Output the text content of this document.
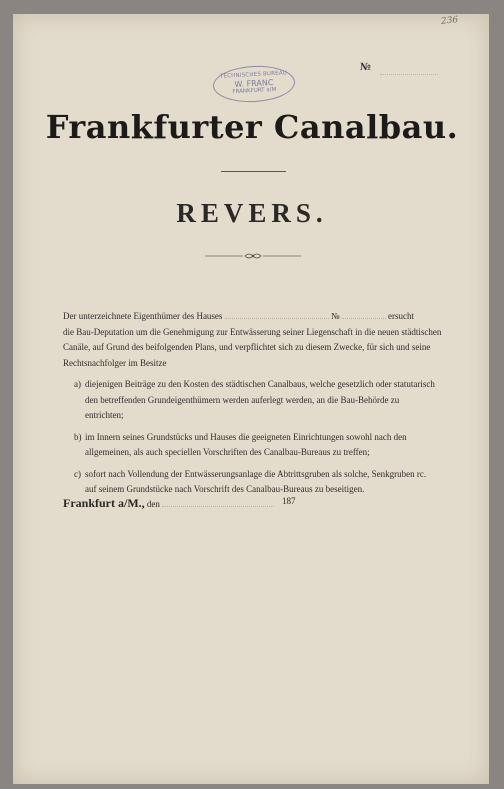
236
TECHNISCHES BUREAU
W. FRANC
FRANKFURT a/M
№
Frankfurter Canalbau.
REVERS.
Der unterzeichnete Eigenthümer des Hauses	№	ersucht
die Bau-Deputation um die Genehmigung zur Entwässerung seiner Liegenschaft in die neuen städtischen
Canäle, auf Grund des beifolgenden Plans, und verpflichtet sich zu diesem Zwecke, für sich und seine
Rechtsnachfolger im Besitze
a) diejenigen Beiträge zu den Kosten des städtischen Canalbaus, welche gesetzlich oder statutarisch
den betreffenden Grundeigenthümern werden auferlegt werden, an die Bau-Behörde zu
entrichten;
b) im Innern seines Grundstücks und Hauses die geeigneten Einrichtungen sowohl nach den
allgemeinen, als auch speciellen Vorschriften des Canalbau-Bureaus zu treffen;
c) sofort nach Vollendung der Entwässerungsanlage die Abtrittsgruben als solche, Senkgruben rc.
auf seinem Grundstücke nach Vorschrift des Canalbau-Bureaus zu beseitigen.
Frankfurt a/M., den	187
